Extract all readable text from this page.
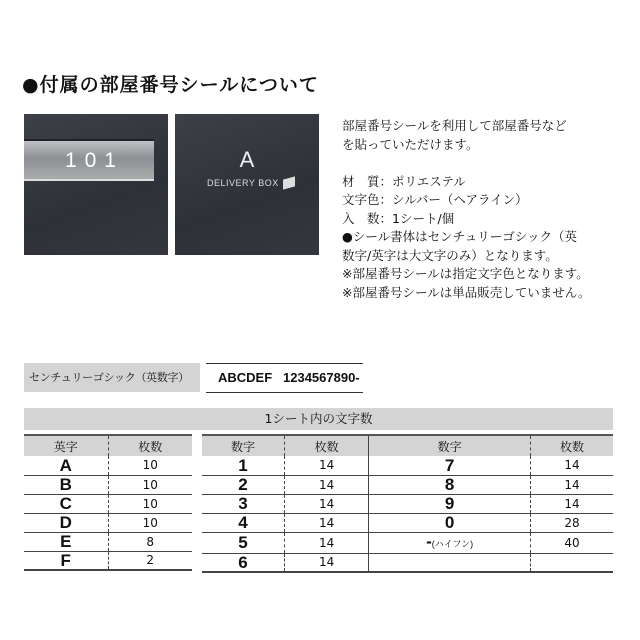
●付属の部屋番号シールについて
101	A
DELIVERY BOX
部屋番号シールを利用して部屋番号など
を貼っていただけます。

材　質：ポリエステル
文字色：シルバー（ヘアライン）
入　数：1シート/個
●シール書体はセンチュリーゴシック（英
数字/英字は大文字のみ）となります。
※部屋番号シールは指定文字色となります。
※部屋番号シールは単品販売していません。
センチュリーゴシック（英数字）	ABCDEF   1234567890-
1シート内の文字数
英字	枚数
A	10
B	10
C	10
D	10
E	8
F	2
数字	枚数	数字	枚数
1	14	7	14
2	14	8	14
3	14	9	14
4	14	0	28
5	14	-(ハイフン)	40
6	14		
